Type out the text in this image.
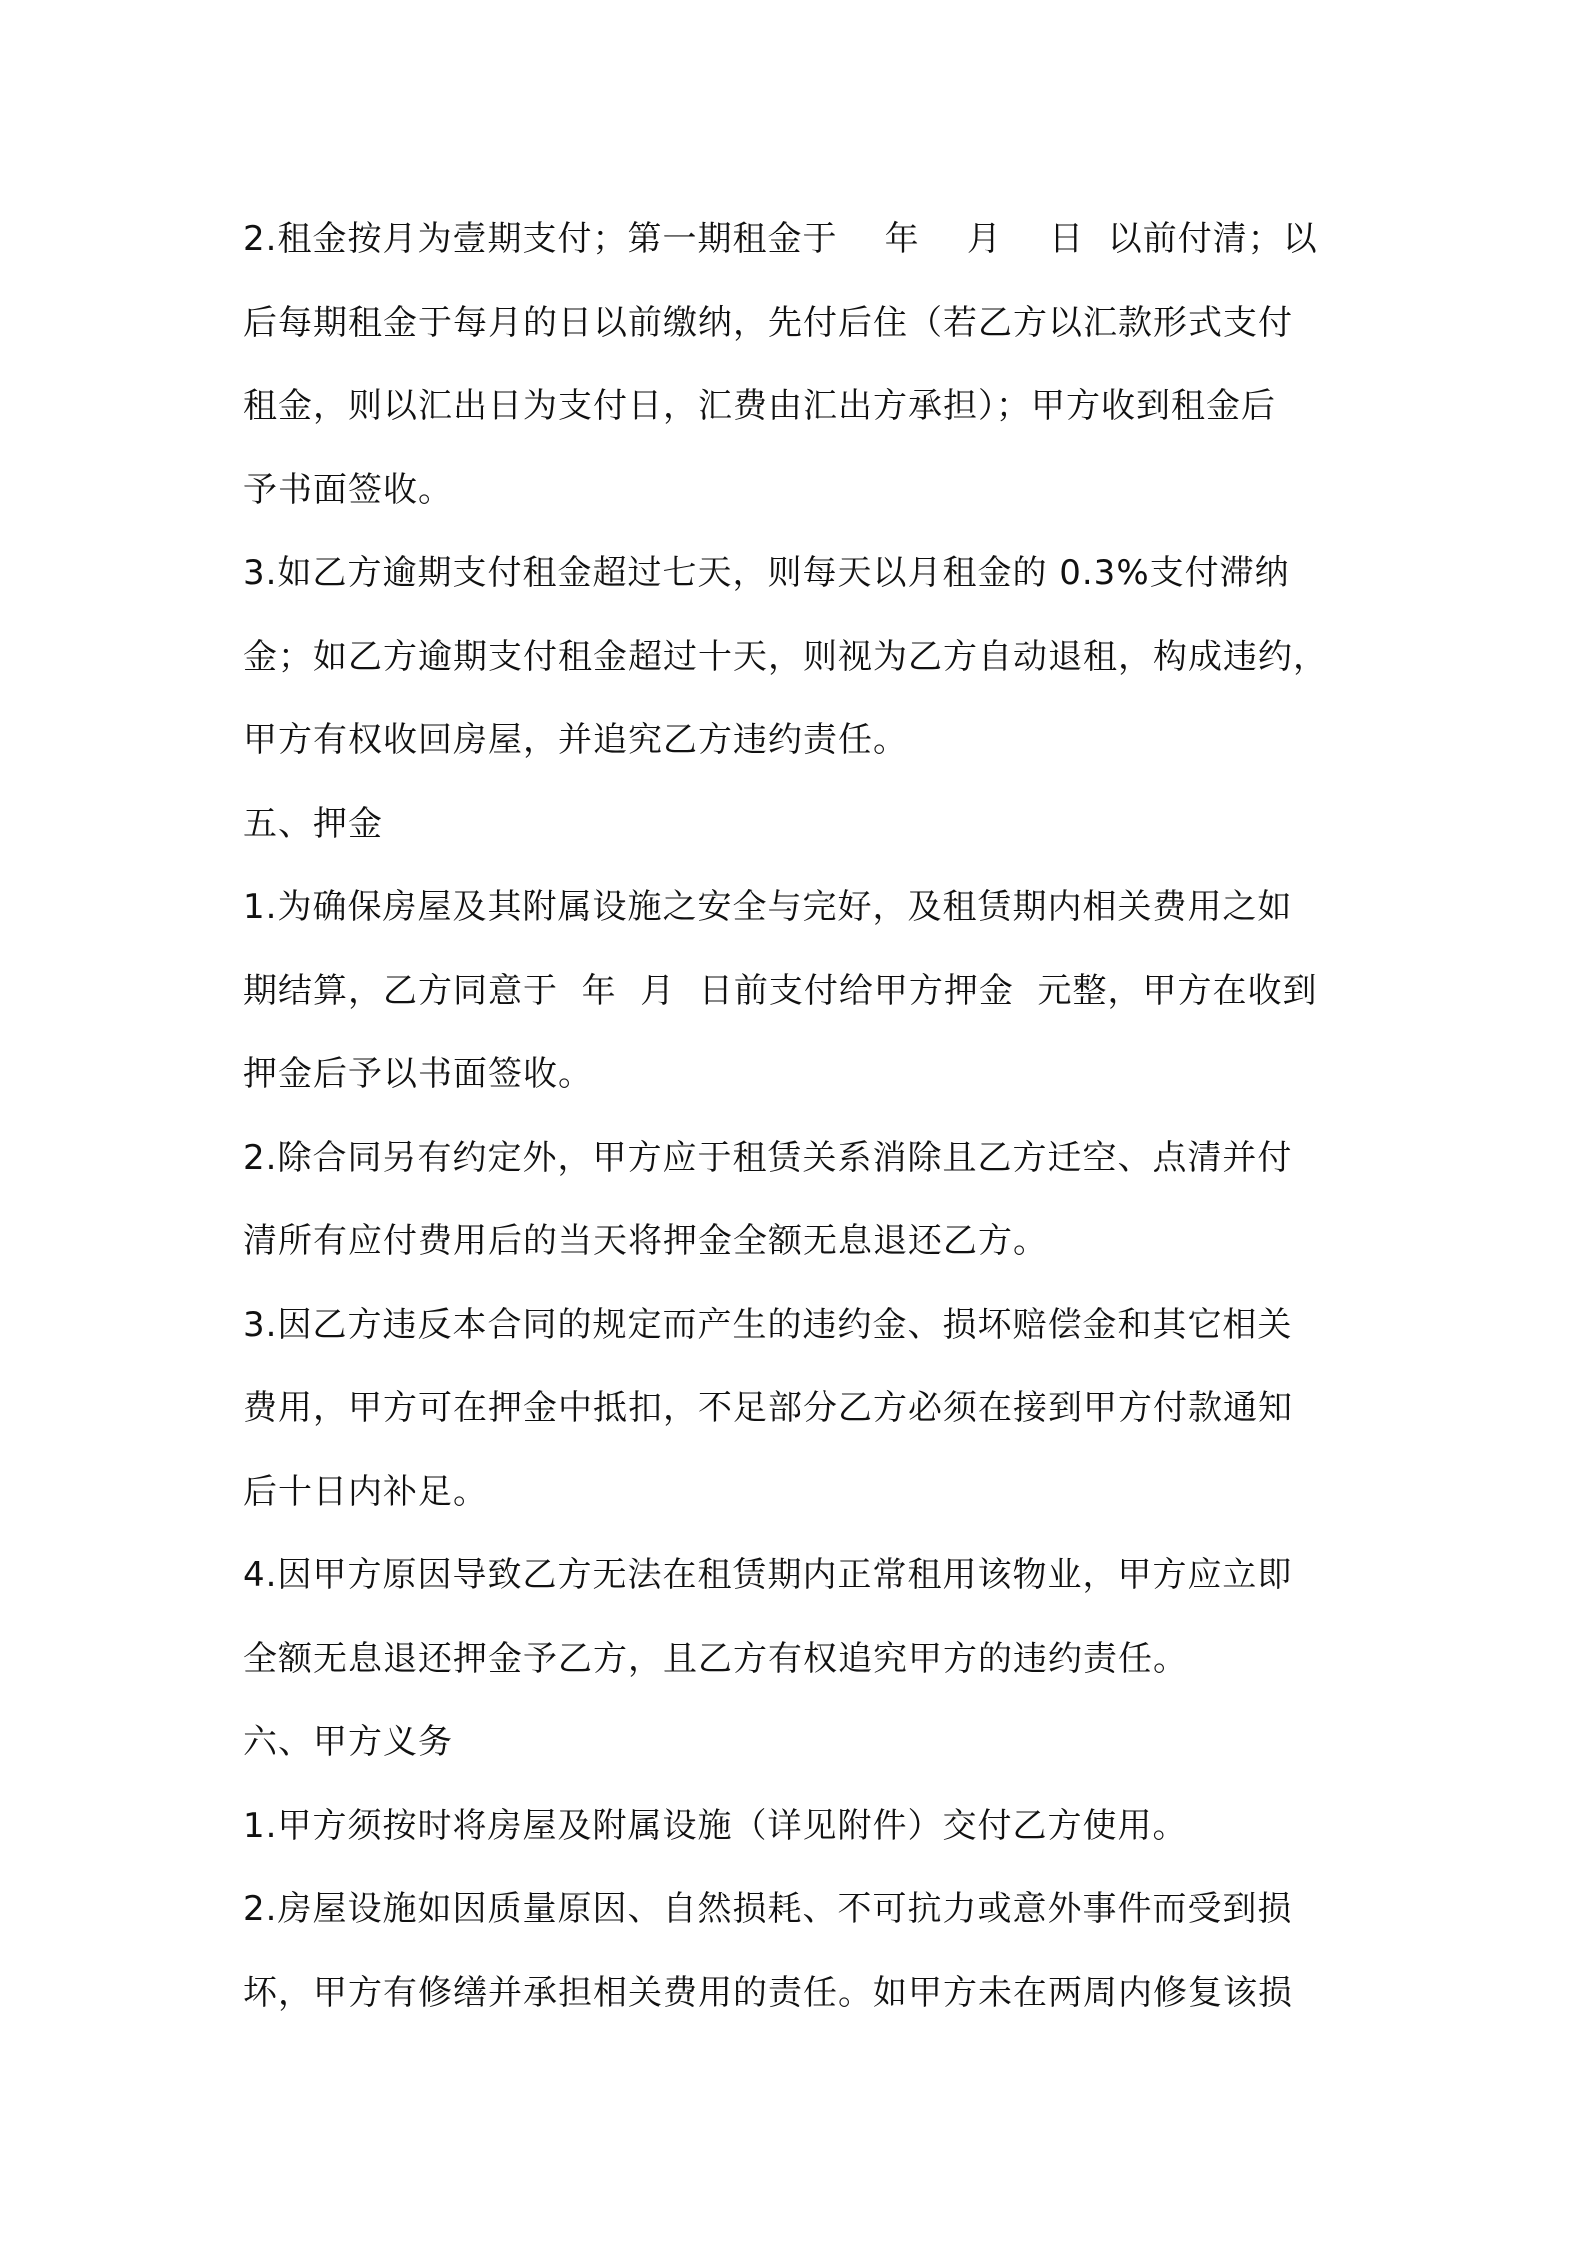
2.租金按月为壹期支付；第一期租金于    年    月    日  以前付清；以
后每期租金于每月的日以前缴纳，先付后住（若乙方以汇款形式支付
租金，则以汇出日为支付日，汇费由汇出方承担）；甲方收到租金后
予书面签收。
3.如乙方逾期支付租金超过七天，则每天以月租金的 0.3%支付滞纳
金；如乙方逾期支付租金超过十天，则视为乙方自动退租，构成违约，
甲方有权收回房屋，并追究乙方违约责任。
五、押金
1.为确保房屋及其附属设施之安全与完好，及租赁期内相关费用之如
期结算，乙方同意于  年  月  日前支付给甲方押金  元整，甲方在收到
押金后予以书面签收。
2.除合同另有约定外，甲方应于租赁关系消除且乙方迁空、点清并付
清所有应付费用后的当天将押金全额无息退还乙方。
3.因乙方违反本合同的规定而产生的违约金、损坏赔偿金和其它相关
费用，甲方可在押金中抵扣，不足部分乙方必须在接到甲方付款通知
后十日内补足。
4.因甲方原因导致乙方无法在租赁期内正常租用该物业，甲方应立即
全额无息退还押金予乙方，且乙方有权追究甲方的违约责任。
六、甲方义务
1.甲方须按时将房屋及附属设施（详见附件）交付乙方使用。
2.房屋设施如因质量原因、自然损耗、不可抗力或意外事件而受到损
坏，甲方有修缮并承担相关费用的责任。如甲方未在两周内修复该损
